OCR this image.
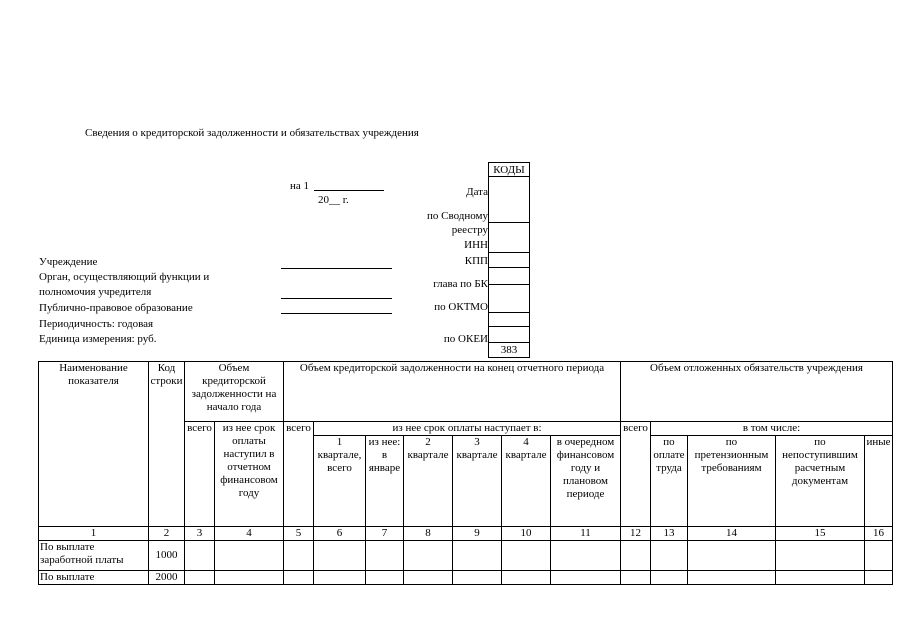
Сведения о кредиторской задолженности и обязательствах учреждения
на 1
20__ г.
КОДЫ
383
Дата
по Сводному
реестру
ИНН
КПП
глава по БК
по ОКТМО
по ОКЕИ
Учреждение
Орган, осуществляющий функции и
полномочия учредителя
Публично-правовое образование
Периодичность: годовая
Единица измерения: руб.
Наименование показателя	Код строки	Объем кредиторской задолженности на начало года		Объем кредиторской задолженности на конец отчетного периода							Объем отложенных обязательств учреждения				
		всего	из нее срок оплаты наступил в отчетном финансовом году	всего	из нее срок оплаты наступает в:						всего	в том числе:			
					1 квартале, всего	из нее: в январе	2 квартале	3 квартале	4 квартале	в очередном финансовом году и плановом периоде		по оплате труда	по претензионным требованиям	по непоступившим расчетным документам	иные
1	2	3	4	5	6	7	8	9	10	11	12	13	14	15	16
По выплате заработной платы	1000														
По выплате	2000														
